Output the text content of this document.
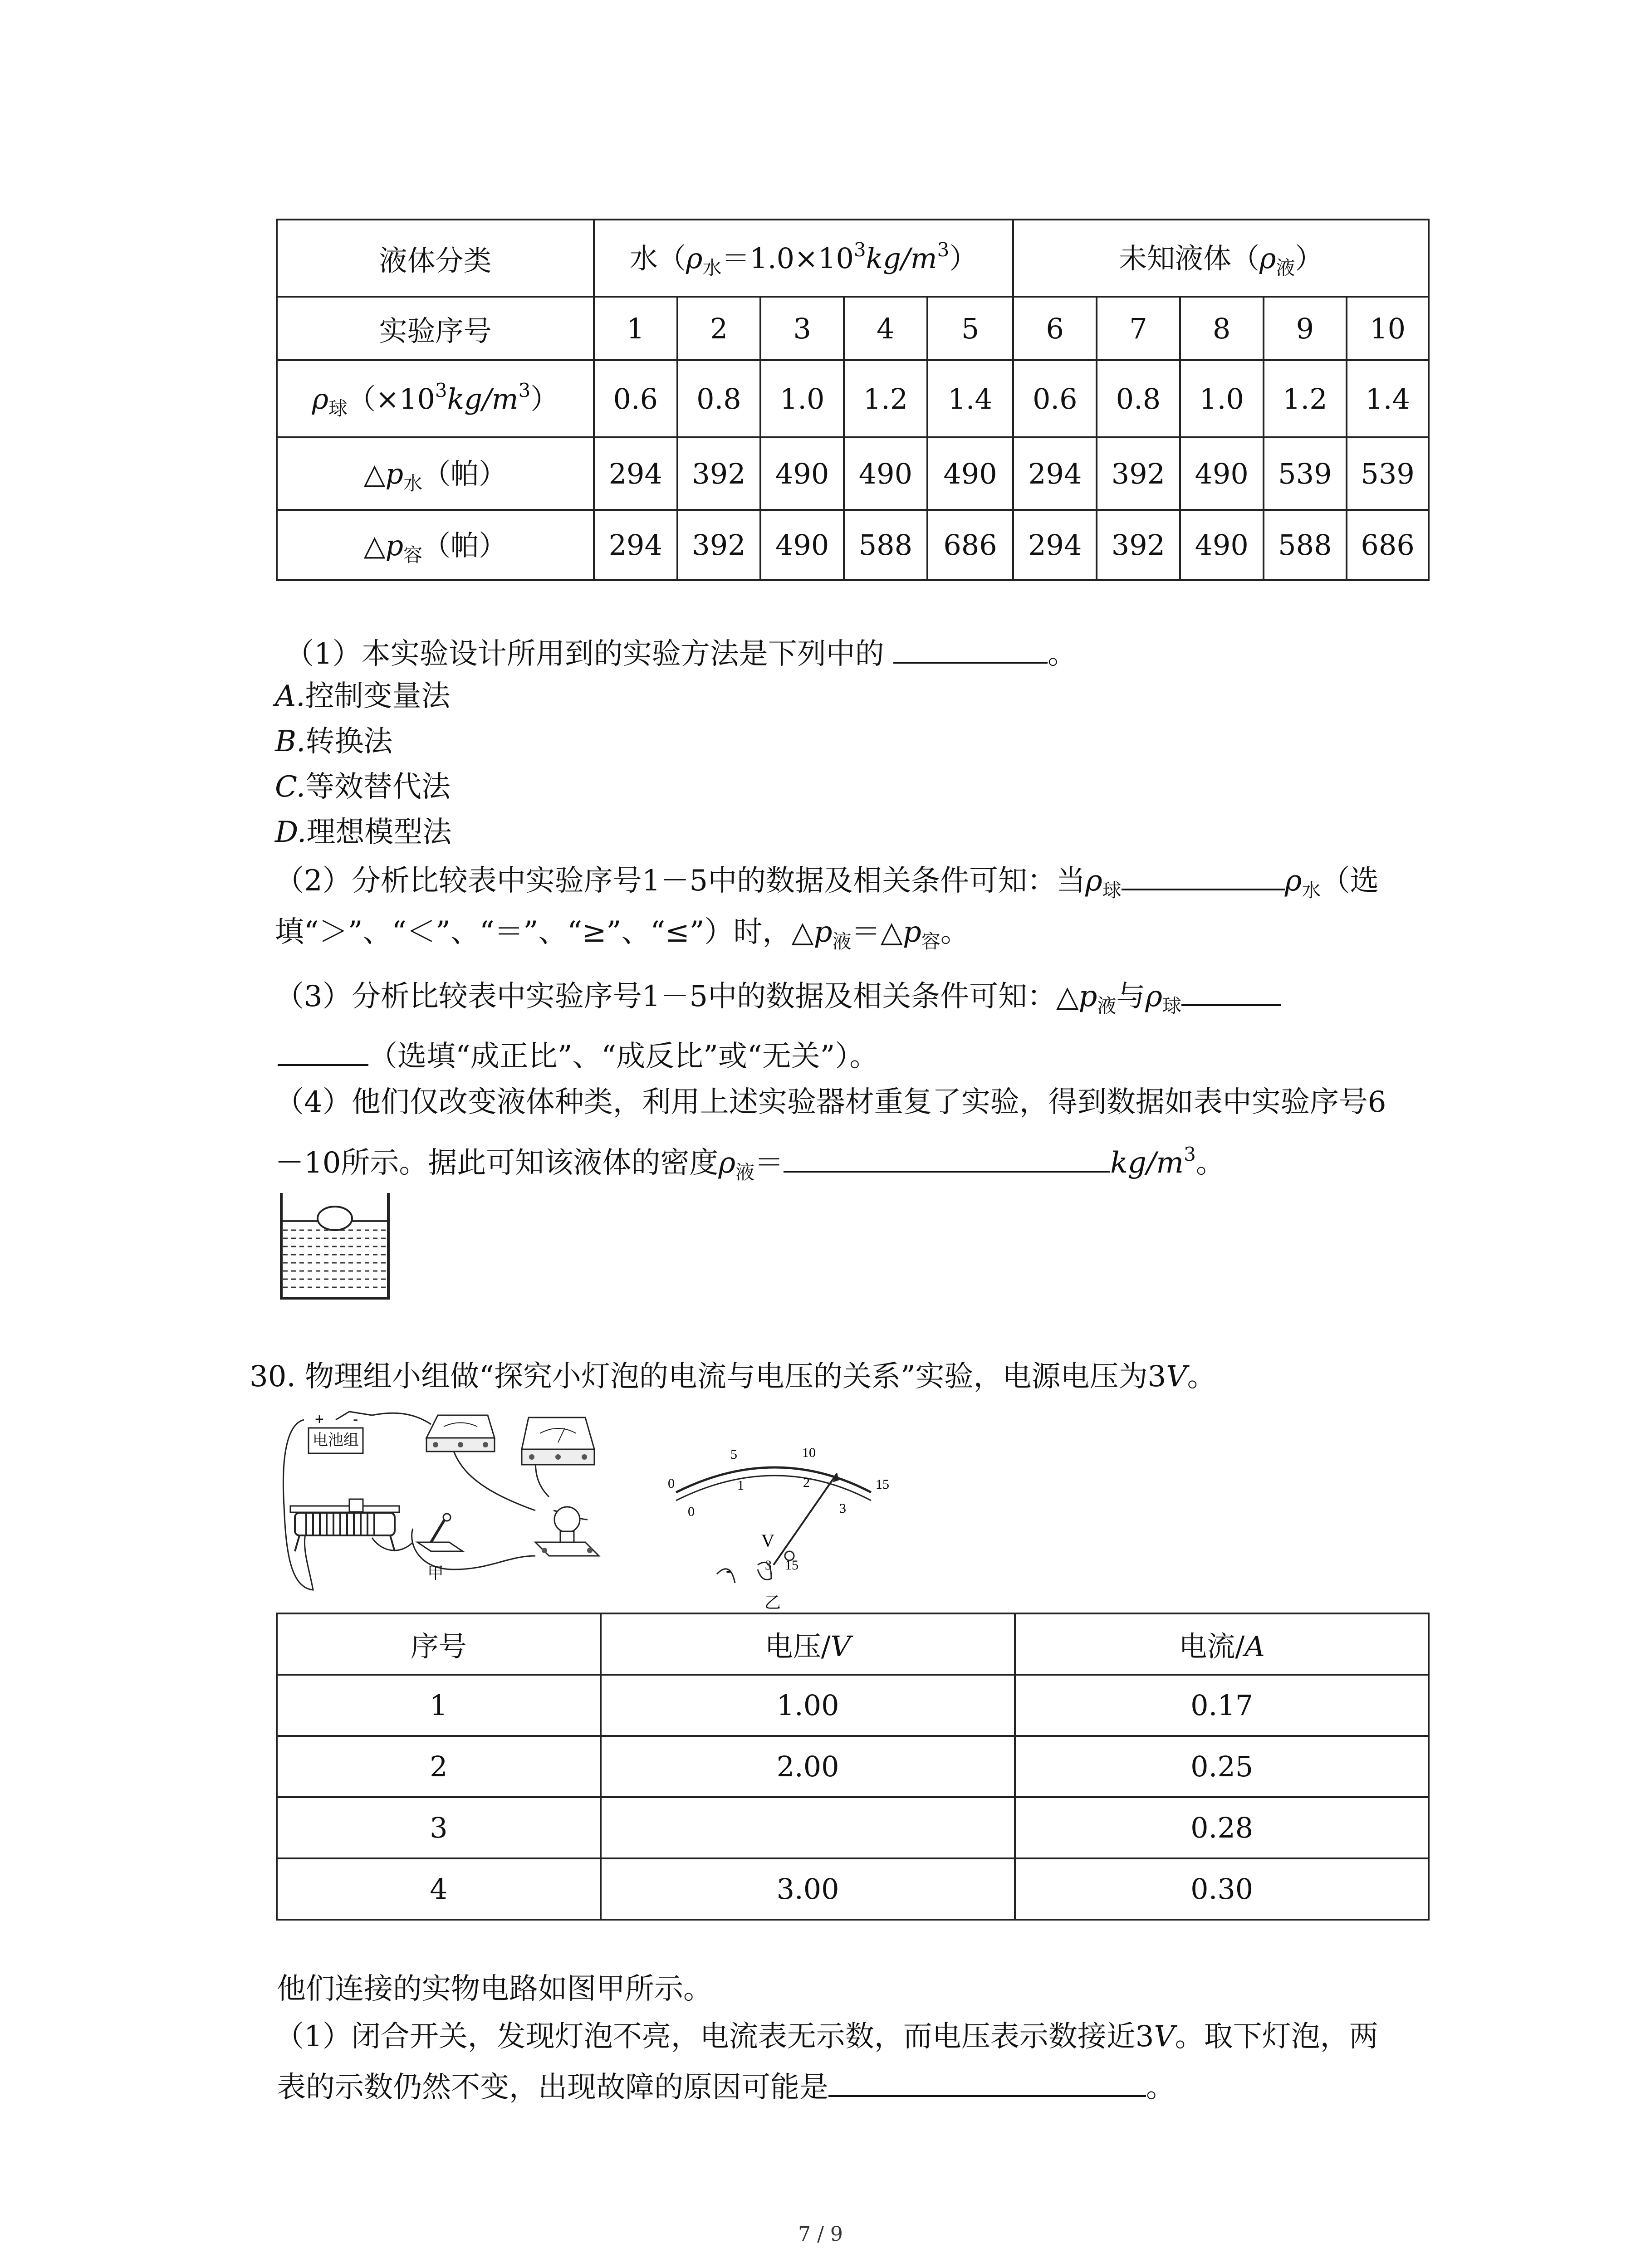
液体分类	水$(\rho_水=1.0\times 10^3kg/m^3)$					未知液体$(\rho_液)$				
实验序号	1	2	3	4	5	6	7	8	9	10
$\rho_球(\times 10^3kg/m^3)$	0.6	0.8	1.0	1.2	1.4	0.6	0.8	1.0	1.2	1.4
$\triangle p_水$（帕）	294	392	490	490	490	294	392	490	539	539
$\triangle p_容$（帕）	294	392	490	588	686	294	392	490	588	686
（1）本实验设计所用到的实验方法是下列中的	。
A.控制变量法
B.转换法
C.等效替代法
D.理想模型法
（2）分析比较表中实验序号1－5中的数据及相关条件可知：当$\rho_球$	$\rho_水$（选
填“＞”、“＜”、“＝”、“≥”、“≤”）时，$\triangle p_液=\triangle p_容$。
（3）分析比较表中实验序号1－5中的数据及相关条件可知：$\triangle p_液$与$\rho_球$
（选填“成正比”、“成反比”或“无关”）。
（4）他们仅改变液体种类，利用上述实验器材重复了实验，得到数据如表中实验序号6
－10所示。据此可知该液体的密度$\rho_液=$	$kg/m^3$。
30. 物理组小组做“探究小灯泡的电流与电压的关系”实验，电源电压为3V。
电池组
+ -
甲
0
5	10
15
0
1	2
3
V
- 3 15
乙
序号	电压/V	电流/A
1	1.00	0.17
2	2.00	0.25
3		0.28
4	3.00	0.30
他们连接的实物电路如图甲所示。
（1）闭合开关，发现灯泡不亮，电流表无示数，而电压表示数接近3V。取下灯泡，两
表的示数仍然不变，出现故障的原因可能是	。
7 / 9
